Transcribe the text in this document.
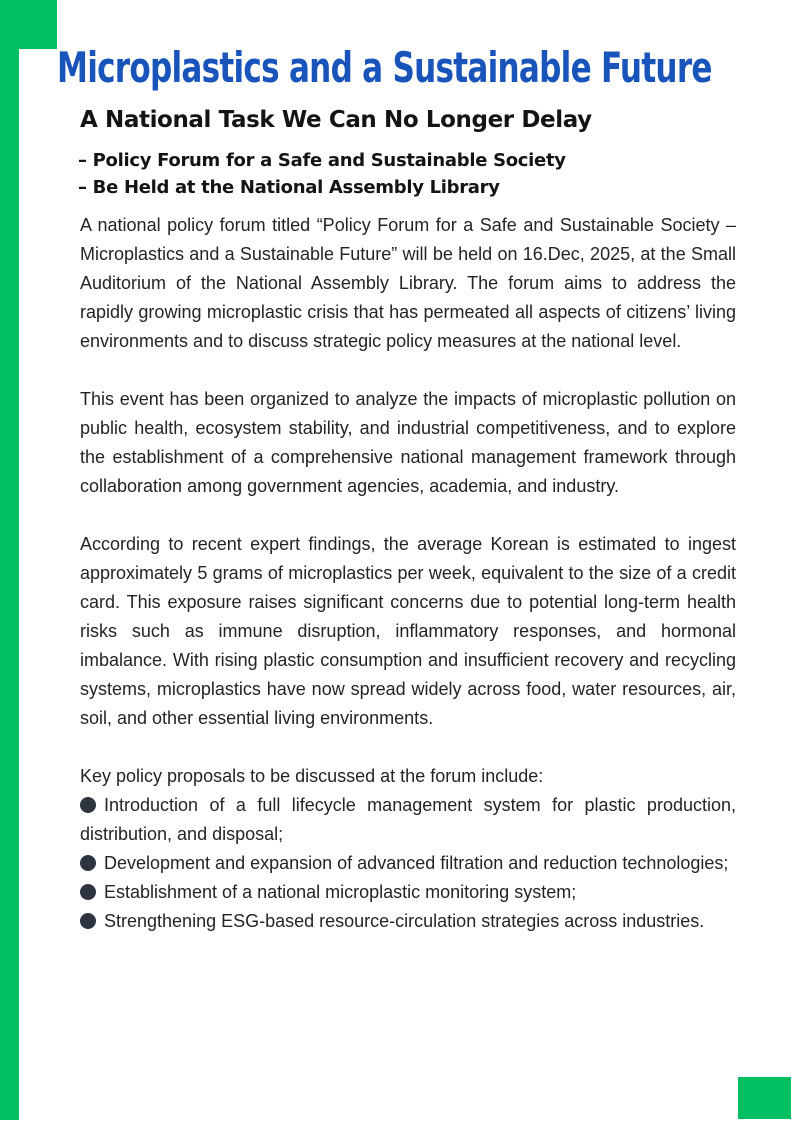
Microplastics and a Sustainable Future
A National Task We Can No Longer Delay

– Policy Forum for a Safe and Sustainable Society

– Be Held at the National Assembly Library

A national policy forum titled “Policy Forum for a Safe and Sustainable Society – Microplastics and a Sustainable Future” will be held on 16.Dec, 2025, at the Small Auditorium of the National Assembly Library. The forum aims to address the rapidly growing microplastic crisis that has permeated all aspects of citizens’ living environments and to discuss strategic policy measures at the national level.

This event has been organized to analyze the impacts of microplastic pollution on public health, ecosystem stability, and industrial competitiveness, and to explore the establishment of a comprehensive national management framework through collaboration among government agencies, academia, and industry.

According to recent expert findings, the average Korean is estimated to ingest approximately 5 grams of microplastics per week, equivalent to the size of a credit card. This exposure raises significant concerns due to potential long-term health risks such as immune disruption, inflammatory responses, and hormonal imbalance. With rising plastic consumption and insufficient recovery and recycling systems, microplastics have now spread widely across food, water resources, air, soil, and other essential living environments.

Key policy proposals to be discussed at the forum include:

Introduction of a full lifecycle management system for plastic production, distribution, and disposal;
Development and expansion of advanced filtration and reduction technologies;
Establishment of a national microplastic monitoring system;
Strengthening ESG-based resource-circulation strategies across industries.
